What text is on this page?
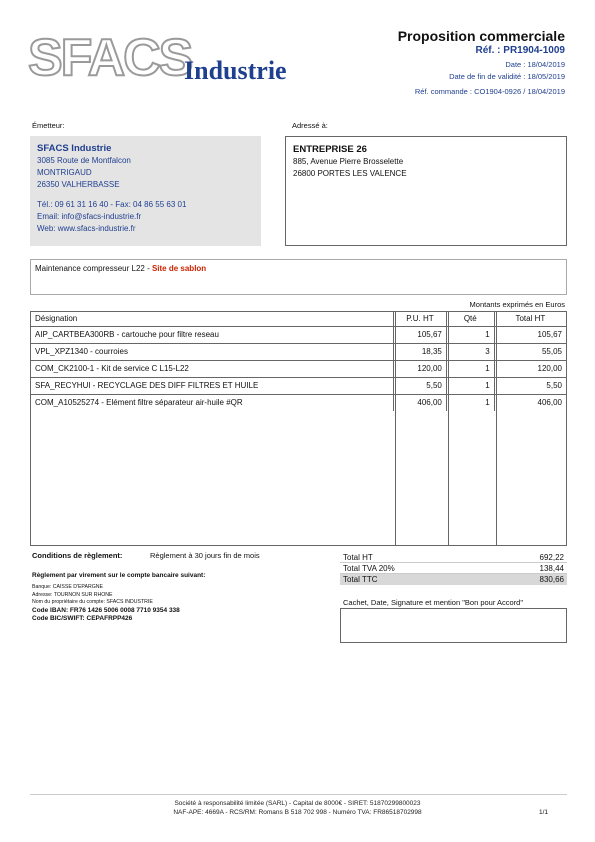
SFACS
Industrie
Proposition commerciale
Réf. : PR1904-1009
Date : 18/04/2019
Date de fin de validité : 18/05/2019
Réf. commande : CO1904-0926 / 18/04/2019
Émetteur:	Adressé à:
SFACS Industrie
3085 Route de Montfalcon
MONTRIGAUD
26350 VALHERBASSE
Tél.: 09 61 31 16 40 - Fax: 04 86 55 63 01
Email: info@sfacs-industrie.fr
Web: www.sfacs-industrie.fr
ENTREPRISE 26
885, Avenue Pierre Brosselette
26800 PORTES LES VALENCE
Maintenance compresseur L22 - Site de sablon
Montants exprimés en Euros
Désignation	P.U. HT	Qté	Total HT
AIP_CARTBEA300RB - cartouche pour filtre reseau	105,67	1	105,67
VPL_XPZ1340 - courroies	18,35	3	55,05
COM_CK2100-1 - Kit de service C L15-L22	120,00	1	120,00
SFA_RECYHUI - RECYCLAGE DES DIFF FILTRES ET HUILE	5,50	1	5,50
COM_A10525274 - Elément filtre séparateur air-huile #QR	406,00	1	406,00
Conditions de règlement:	Règlement à 30 jours fin de mois
Règlement par virement sur le compte bancaire suivant:
Banque: CAISSE D'EPARGNE
Adresse: TOURNON SUR RHONE
Nom du propriétaire du compte: SFACS INDUSTRIE
Code IBAN: FR76 1426 5006 0008 7710 9354 338
Code BIC/SWIFT: CEPAFRPP426
Total HT	692,22
Total TVA 20%	138,44
Total TTC	830,66
Cachet, Date, Signature et mention "Bon pour Accord"
Société à responsabilité limitée (SARL) - Capital de 8000€ - SIRET: 51870299800023
NAF-APE: 4669A - RCS/RM: Romans B 518 702 998 - Numéro TVA: FR86518702998	1/1
